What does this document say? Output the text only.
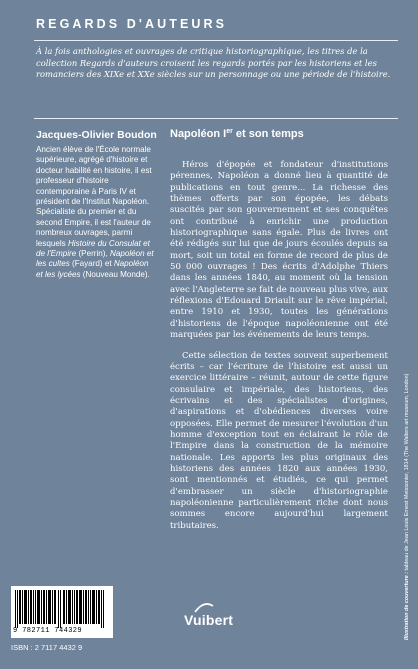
REGARDS D'AUTEURS
À la fois anthologies et ouvrages de critique historiographique, les titres de la collection Regards d'auteurs croisent les regards portés par les historiens et les romanciers des XIXe et XXe siècles sur un personnage ou une période de l'histoire.
Jacques-Olivier Boudon
Ancien élève de l'École normale supérieure, agrégé d'histoire et docteur habilité en histoire, il est professeur d'histoire contemporaine à Paris IV et président de l'Institut Napoléon. Spécialiste du premier et du second Empire, il est l'auteur de nombreux ouvrages, parmi lesquels Histoire du Consulat et de l'Empire (Perrin), Napoléon et les cultes (Fayard) et Napoléon et les lycées (Nouveau Monde).
Napoléon Ier et son temps

Héros d'épopée et fondateur d'institutions pérennes, Napoléon a donné lieu à quantité de publications en tout genre... La richesse des thèmes offerts par son épopée, les débats suscités par son gouvernement et ses conquêtes ont contribué à enrichir une production historiographique sans égale. Plus de livres ont été rédigés sur lui que de jours écoulés depuis sa mort, soit un total en forme de record de plus de 50 000 ouvrages ! Des écrits d'Adolphe Thiers dans les années 1840, au moment où la tension avec l'Angleterre se fait de nouveau plus vive, aux réflexions d'Edouard Driault sur le rêve impérial, entre 1910 et 1930, toutes les générations d'historiens de l'époque napoléonienne ont été marquées par les événements de leurs temps.

Cette sélection de textes souvent superbement écrits – car l'écriture de l'histoire est aussi un exercice littéraire – réunit, autour de cette figure consulaire et impériale, des historiens, des écrivains et des spécialistes d'origines, d'aspirations et d'obédiences diverses voire opposées. Elle permet de mesurer l'évolution d'un homme d'exception tout en éclairant le rôle de l'Empire dans la construction de la mémoire nationale. Les apports les plus originaux des historiens des années 1820 aux années 1930, sont mentionnés et étudiés, ce qui permet d'embrasser un siècle d'historiographie napoléonienne particulièrement riche dont nous sommes encore aujourd'hui largement tributaires.

Illustration de couverture : tableau de Jean Louis Ernest Meissonier, 1814 (The Walters art museum, London)
9 782711 744329
ISBN : 2 7117 4432 9
Vuibert
